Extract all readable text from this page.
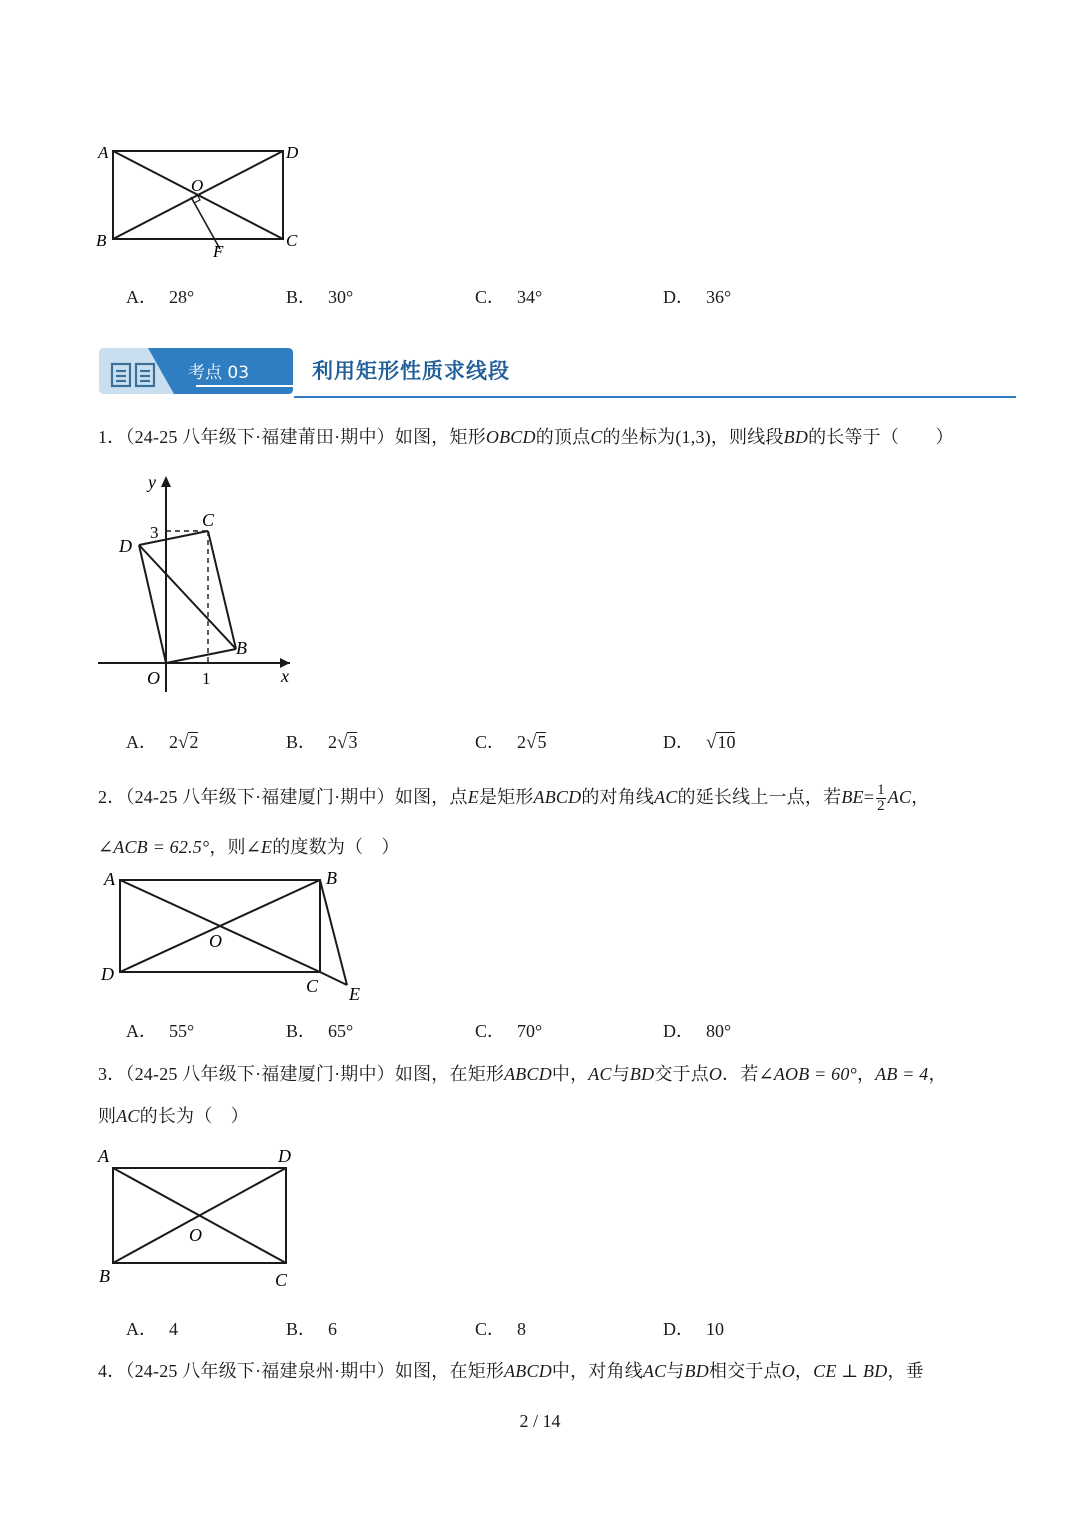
A	D
O
B	C
F
A． 28°	B． 30°	C． 34°	D． 36°
考点 03	利用矩形性质求线段
1．（24-25 八年级下·福建莆田·期中）如图，矩形OBCD的顶点C的坐标为(1,3)，则线段BD的长等于（　　）
y
x
3
1
C
D
B
O
A． 2√2	B． 2√3	C． 2√5	D． √10
2．（24-25 八年级下·福建厦门·期中）如图，点E是矩形ABCD的对角线AC的延长线上一点，若$BE= \frac{1}{2}$ AC，
∠ACB = 62.5°，则∠E的度数为（　）
A	B
O
D
C E
A． 55°	B． 65°	C． 70°	D． 80°
3．（24-25 八年级下·福建厦门·期中）如图，在矩形ABCD中，AC与BD交于点O．若∠AOB = 60°，AB = 4，
则AC的长为（　）
A	D
O
B	C
A． 4	B． 6	C． 8	D． 10
4．（24-25 八年级下·福建泉州·期中）如图，在矩形ABCD中，对角线AC与BD相交于点O，CE ⊥ BD，垂
2 / 14
